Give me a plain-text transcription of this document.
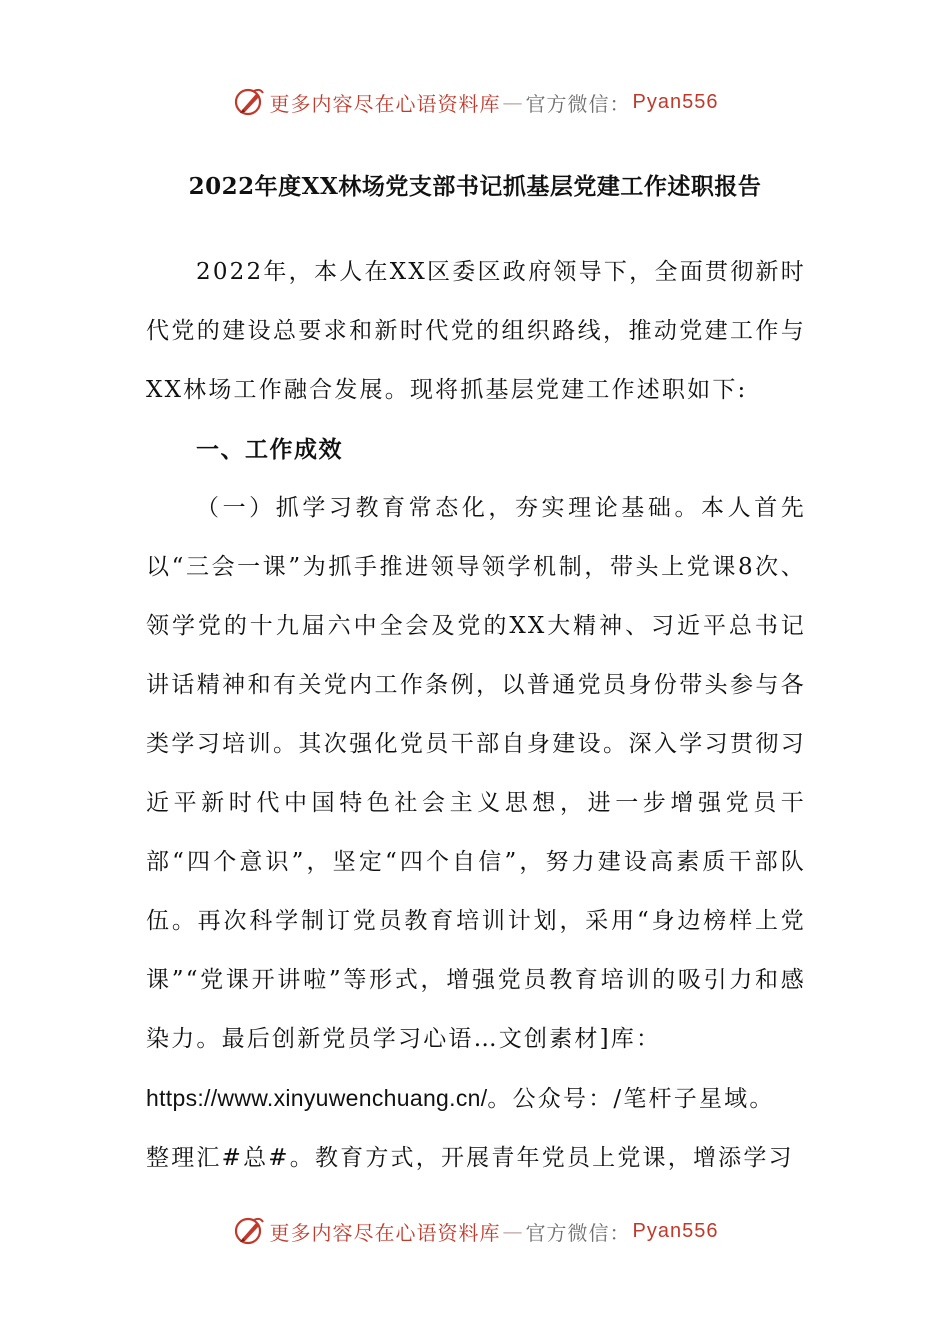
更多内容尽在心语资料库 — 官方微信： Pyan556
2022年度XX林场党支部书记抓基层党建工作述职报告

2022年，本人在XX区委区政府领导下，全面贯彻新时代党的建设总要求和新时代党的组织路线，推动党建工作与XX林场工作融合发展。现将抓基层党建工作述职如下:

一、工作成效

（一）抓学习教育常态化，夯实理论基础。本人首先以“三会一课”为抓手推进领导领学机制，带头上党课8次、领学党的十九届六中全会及党的XX大精神、习近平总书记讲话精神和有关党内工作条例，以普通党员身份带头参与各类学习培训。其次强化党员干部自身建设。深入学习贯彻习近平新时代中国特色社会主义思想，进一步增强党员干部“四个意识”，坚定“四个自信”，努力建设高素质干部队伍。再次科学制订党员教育培训计划，采用“身边榜样上党课”“党课开讲啦”等形式，增强党员教育培训的吸引力和感染力。最后创新党员学习心语…文创素材]库：
https://www.xinyuwenchuang.cn/。公众号：/笔杆子星域。
整理汇#总#。教育方式，开展青年党员上党课，增添学习

更多内容尽在心语资料库 — 官方微信： Pyan556
